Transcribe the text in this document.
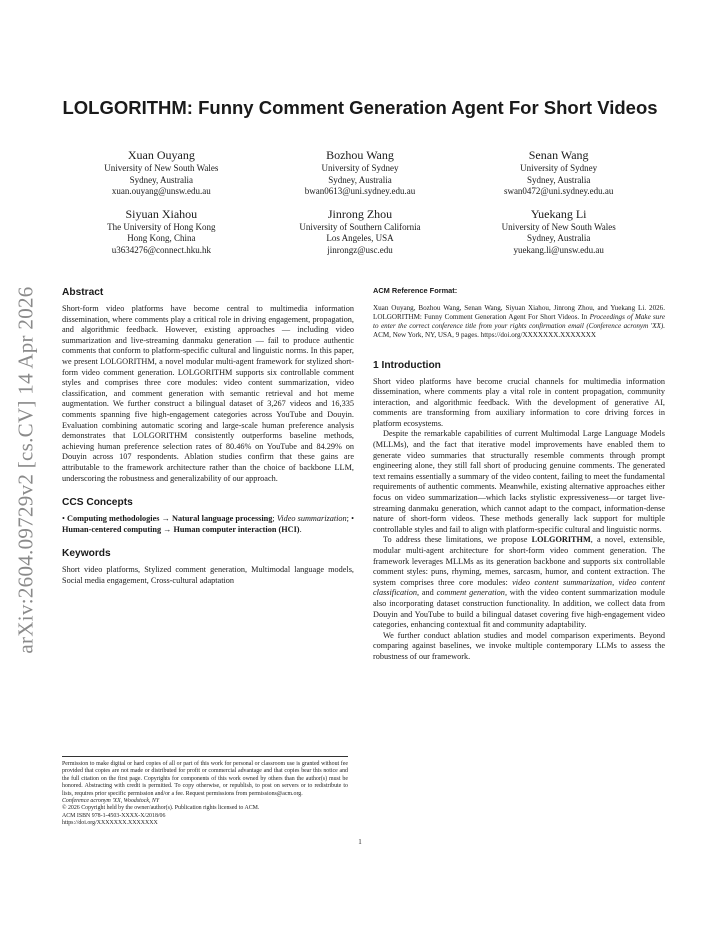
arXiv:2604.09729v2 [cs.CV] 14 Apr 2026
LOLGORITHM: Funny Comment Generation Agent For Short Videos
Xuan Ouyang
University of New South Wales
Sydney, Australia
xuan.ouyang@unsw.edu.au
Bozhou Wang
University of Sydney
Sydney, Australia
bwan0613@uni.sydney.edu.au
Senan Wang
University of Sydney
Sydney, Australia
swan0472@uni.sydney.edu.au
Siyuan Xiahou
The University of Hong Kong
Hong Kong, China
u3634276@connect.hku.hk
Jinrong Zhou
University of Southern California
Los Angeles, USA
jinrongz@usc.edu
Yuekang Li
University of New South Wales
Sydney, Australia
yuekang.li@unsw.edu.au
Abstract

Short-form video platforms have become central to multimedia information dissemination, where comments play a critical role in driving engagement, propagation, and algorithmic feedback. However, existing approaches — including video summarization and live-streaming danmaku generation — fail to produce authentic comments that conform to platform-specific cultural and linguistic norms. In this paper, we present LOLGORITHM, a novel modular multi-agent framework for stylized short-form video comment generation. LOLGORITHM supports six controllable comment styles and comprises three core modules: video content summarization, video classification, and comment generation with semantic retrieval and hot meme augmentation. We further construct a bilingual dataset of 3,267 videos and 16,335 comments spanning five high-engagement categories across YouTube and Douyin. Evaluation combining automatic scoring and large-scale human preference analysis demonstrates that LOLGORITHM consistently outperforms baseline methods, achieving human preference selection rates of 80.46% on YouTube and 84.29% on Douyin across 107 respondents. Ablation studies confirm that these gains are attributable to the framework architecture rather than the choice of backbone LLM, underscoring the robustness and generalizability of our approach.

CCS Concepts

• Computing methodologies → Natural language processing; Video summarization; • Human-centered computing → Human computer interaction (HCI).

Keywords

Short video platforms, Stylized comment generation, Multimodal language models, Social media engagement, Cross-cultural adaptation

Permission to make digital or hard copies of all or part of this work for personal or classroom use is granted without fee provided that copies are not made or distributed for profit or commercial advantage and that copies bear this notice and the full citation on the first page. Copyrights for components of this work owned by others than the author(s) must be honored. Abstracting with credit is permitted. To copy otherwise, or republish, to post on servers or to redistribute to lists, requires prior specific permission and/or a fee. Request permissions from permissions@acm.org.

Conference acronym 'XX, Woodstock, NY

© 2026 Copyright held by the owner/author(s). Publication rights licensed to ACM.

ACM ISBN 978-1-4503-XXXX-X/2018/06

https://doi.org/XXXXXXX.XXXXXXX

ACM Reference Format:

Xuan Ouyang, Bozhou Wang, Senan Wang, Siyuan Xiahou, Jinrong Zhou, and Yuekang Li. 2026. LOLGORITHM: Funny Comment Generation Agent For Short Videos. In Proceedings of Make sure to enter the correct conference title from your rights confirmation email (Conference acronym 'XX). ACM, New York, NY, USA, 9 pages. https://doi.org/XXXXXXX.XXXXXXX

1 Introduction

Short video platforms have become crucial channels for multimedia information dissemination, where comments play a vital role in content propagation, community interaction, and algorithmic feedback. With the development of generative AI, comments are transforming from auxiliary information to core driving forces in platform ecosystems.

Despite the remarkable capabilities of current Multimodal Large Language Models (MLLMs), and the fact that iterative model improvements have enabled them to generate video summaries that structurally resemble comments through prompt engineering alone, they still fall short of producing genuine comments. The generated text remains essentially a summary of the video content, failing to meet the fundamental requirements of authentic comments. Meanwhile, existing alternative approaches either focus on video summarization—which lacks stylistic expressiveness—or target live-streaming danmaku generation, which cannot adapt to the compact, information-dense nature of short-form videos. These methods generally lack support for multiple controllable styles and fail to align with platform-specific cultural and linguistic norms.

To address these limitations, we propose LOLGORITHM, a novel, extensible, modular multi-agent architecture for short-form video comment generation. The framework leverages MLLMs as its generation backbone and supports six controllable comment styles: puns, rhyming, memes, sarcasm, humor, and content extraction. The system comprises three core modules: video content summarization, video content classification, and comment generation, with the video content summarization module also incorporating dataset construction functionality. In addition, we collect data from Douyin and YouTube to build a bilingual dataset covering five high-engagement video categories, enhancing contextual fit and community adaptability.

We further conduct ablation studies and model comparison experiments. Beyond comparing against baselines, we invoke multiple contemporary LLMs to assess the robustness of our framework.

1
